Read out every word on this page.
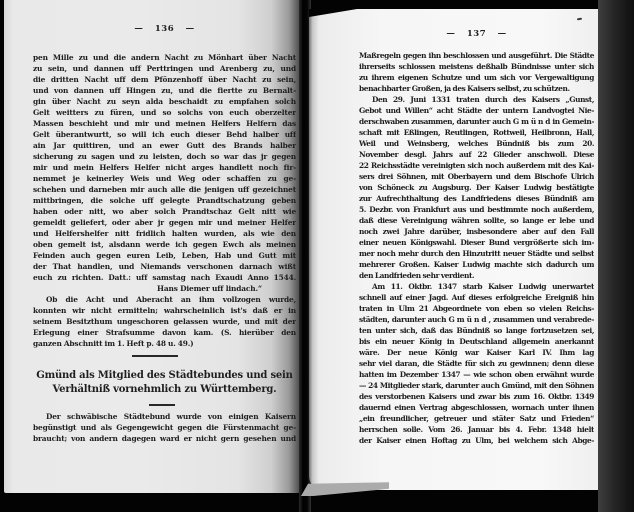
— 136 —
pen Mille zu und die andern Nacht zu Mönhart über Nacht
zu sein, und dannen uff Perttringen und Arenberg zu, und
die dritten Nacht uff dem Pfönzenhoff über Nacht zu sein,
und von dannen uff Hingen zu, und die fiertte zu Bernalt-
gin über Nacht zu seyn alda beschaidt zu empfahen solch
Gelt weitters zu füren, und so solchs von euch oberzelter
Massen beschieht und mir und meinen Helfers Helfern das
Gelt überantwurtt, so will ich euch dieser Behd halber uff
ain Jar quittiren, und an ewer Gutt des Brands halber
sicherung zu sagen und zu leisten, doch so war das jr gegen
mir und mein Helfers Helfer nicht arges handlett noch fir-
nemmet je keinerley Weis und Weg oder schaffen zu ge-
schehen und darneben mir auch alle die jenigen uff gezeichnet
mittbringen, die solche uff gelegte Prandtschatzung geben
haben oder nitt, wo aber solch Prandtschaz Gelt nitt wie
gemeldt geliefert, oder aber jr gegen mir und meiner Helfer
und Helfershelfer nitt fridlich halten wurden, als wie den
oben gemelt ist, alsdann werde ich gegen Ewch als meinen
Feinden auch gegen euren Leib, Leben, Hab und Gutt mit
der That handlen, und Niemands verschonen darnach wißt
euch zu richten. Datt.: uff samstag nach Exaudi Anno 1544.
Hans Diemer uff lindach.“
Ob die Acht und Aberacht an ihm vollzogen wurde,
konnten wir nicht ermitteln; wahrscheinlich ist's daß er in
seinem Besitzthum ungeschoren gelassen wurde, und mit der
Erlegung einer Strafsumme davon kam. (S. hierüber den
ganzen Abschnitt im 1. Heft p. 48 u. 49.)
Gmünd als Mitglied des Städtebundes und sein
Verhältniß vornehmlich zu Württemberg.
Der schwäbische Städtebund wurde von einigen Kaisern
begünstigt und als Gegengewicht gegen die Fürstenmacht ge-
braucht; von andern dagegen ward er nicht gern gesehen und
— 137 —
Maßregeln gegen ihn beschlossen und ausgeführt. Die Städte
ihrerseits schlossen meistens deßhalb Bündnisse unter sich
zu ihrem eigenen Schutze und um sich vor Vergewaltigung
benachbarter Großen, ja des Kaisers selbst, zu schützen.
Den 29. Juni 1331 traten durch des Kaisers „Gunst,
Gebot und Willen“ acht Städte der untern Landvogtei Nie-
derschwaben zusammen, darunter auch G m ü n d in Gemein-
schaft mit Eßlingen, Reutlingen, Rottweil, Heilbronn, Hall,
Weil und Weinsberg, welches Bündniß bis zum 20.
November desgl. Jahrs auf 22 Glieder anschwoll. Diese
22 Reichsstädte vereinigten sich noch außerdem mit des Kai-
sers drei Söhnen, mit Oberbayern und dem Bischofe Ulrich
von Schöneck zu Augsburg. Der Kaiser Ludwig bestätigte
zur Aufrechthaltung des Landfriedens dieses Bündniß am
5. Dezbr. von Frankfurt aus und bestimmte noch außerdem,
daß diese Vereinigung währen sollte, so lange er lebe und
noch zwei Jahre darüber, insbesondere aber auf den Fall
einer neuen Königswahl. Dieser Bund vergrößerte sich im-
mer noch mehr durch den Hinzutritt neuer Städte und selbst
mehrerer Großen. Kaiser Ludwig machte sich dadurch um
den Landfrieden sehr verdient.
Am 11. Oktbr. 1347 starb Kaiser Ludwig unerwartet
schnell auf einer Jagd. Auf dieses erfolgreiche Ereigniß hin
traten in Ulm 21 Abgeordnete von eben so vielen Reichs-
städten, darunter auch G m ü n d , zusammen und verabrede-
ten unter sich, daß das Bündniß so lange fortzusetzen sei,
bis ein neuer König in Deutschland allgemein anerkannt
wäre. Der neue König war Kaiser Karl IV. Ihm lag
sehr viel daran, die Städte für sich zu gewinnen; denn diese
hatten im Dezember 1347 — wie schon oben erwähnt wurde
— 24 Mitglieder stark, darunter auch Gmünd, mit den Söhnen
des verstorbenen Kaisers und zwar bis zum 16. Oktbr. 1349
dauernd einen Vertrag abgeschlossen, wornach unter ihnen
„ein freundlicher, getreuer und stäter Satz und Frieden“
herrschen solle. Vom 26. Januar bis 4. Febr. 1348 hielt
der Kaiser einen Hoftag zu Ulm, bei welchem sich Abge-
